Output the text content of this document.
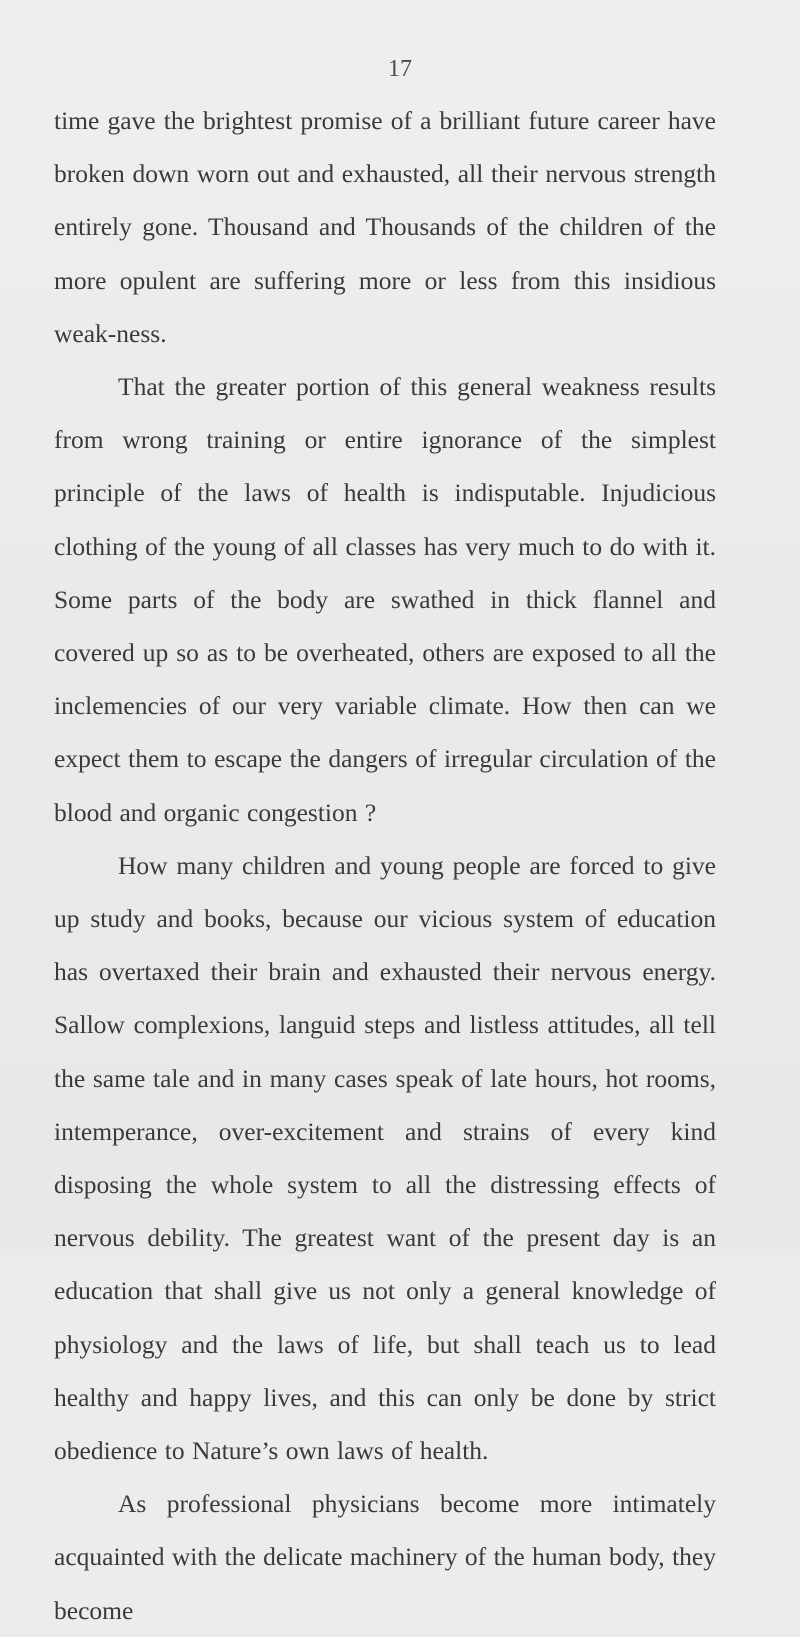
17

time gave the brightest promise of a brilliant future career have broken down worn out and exhausted, all their nervous strength entirely gone. Thousand and Thousands of the children of the more opulent are suffering more or less from this insidious weak-ness.

That the greater portion of this general weakness results from wrong training or entire ignorance of the simplest principle of the laws of health is indisputable. Injudicious clothing of the young of all classes has very much to do with it. Some parts of the body are swathed in thick flannel and covered up so as to be overheated, others are exposed to all the inclemencies of our very variable climate. How then can we expect them to escape the dangers of irregular circulation of the blood and organic congestion ?

How many children and young people are forced to give up study and books, because our vicious system of education has overtaxed their brain and exhausted their nervous energy. Sallow complexions, languid steps and listless attitudes, all tell the same tale and in many cases speak of late hours, hot rooms, intemperance, over-excitement and strains of every kind disposing the whole system to all the distressing effects of nervous debility. The greatest want of the present day is an education that shall give us not only a general knowledge of physiology and the laws of life, but shall teach us to lead healthy and happy lives, and this can only be done by strict obedience to Nature’s own laws of health.

As professional physicians become more intimately acquainted with the delicate machinery of the human body, they become
